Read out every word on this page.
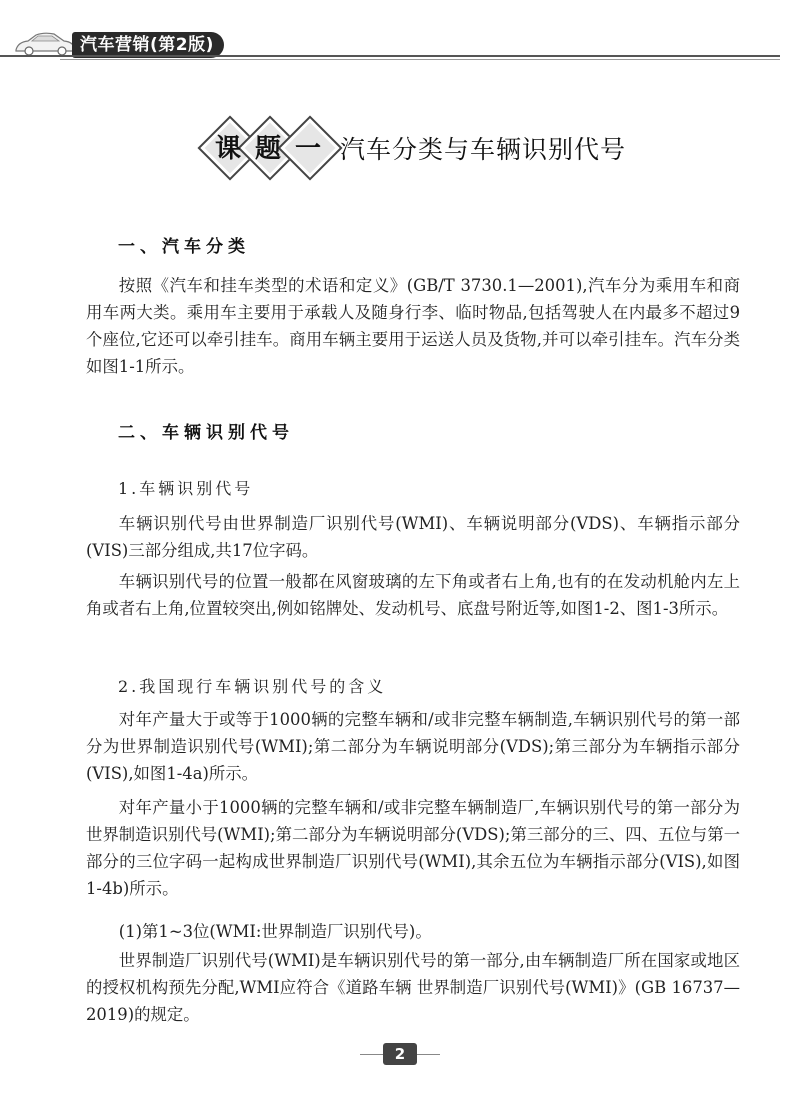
汽车营销(第2版)
课 题 一 汽车分类与车辆识别代号
一、汽车分类

按照《汽车和挂车类型的术语和定义》(GB/T 3730.1—2001),汽车分为乘用车和商用车两大类。乘用车主要用于承载人及随身行李、临时物品,包括驾驶人在内最多不超过9个座位,它还可以牵引挂车。商用车辆主要用于运送人员及货物,并可以牵引挂车。汽车分类如图1-1所示。

二、车辆识别代号
1.车辆识别代号

车辆识别代号由世界制造厂识别代号(WMI)、车辆说明部分(VDS)、车辆指示部分(VIS)三部分组成,共17位字码。

车辆识别代号的位置一般都在风窗玻璃的左下角或者右上角,也有的在发动机舱内左上角或者右上角,位置较突出,例如铭牌处、发动机号、底盘号附近等,如图1-2、图1-3所示。

2.我国现行车辆识别代号的含义

对年产量大于或等于1000辆的完整车辆和/或非完整车辆制造,车辆识别代号的第一部分为世界制造识别代号(WMI);第二部分为车辆说明部分(VDS);第三部分为车辆指示部分(VIS),如图1-4a)所示。

对年产量小于1000辆的完整车辆和/或非完整车辆制造厂,车辆识别代号的第一部分为世界制造识别代号(WMI);第二部分为车辆说明部分(VDS);第三部分的三、四、五位与第一部分的三位字码一起构成世界制造厂识别代号(WMI),其余五位为车辆指示部分(VIS),如图1-4b)所示。

(1)第1~3位(WMI:世界制造厂识别代号)。

世界制造厂识别代号(WMI)是车辆识别代号的第一部分,由车辆制造厂所在国家或地区的授权机构预先分配,WMI应符合《道路车辆 世界制造厂识别代号(WMI)》(GB 16737—2019)的规定。

2
